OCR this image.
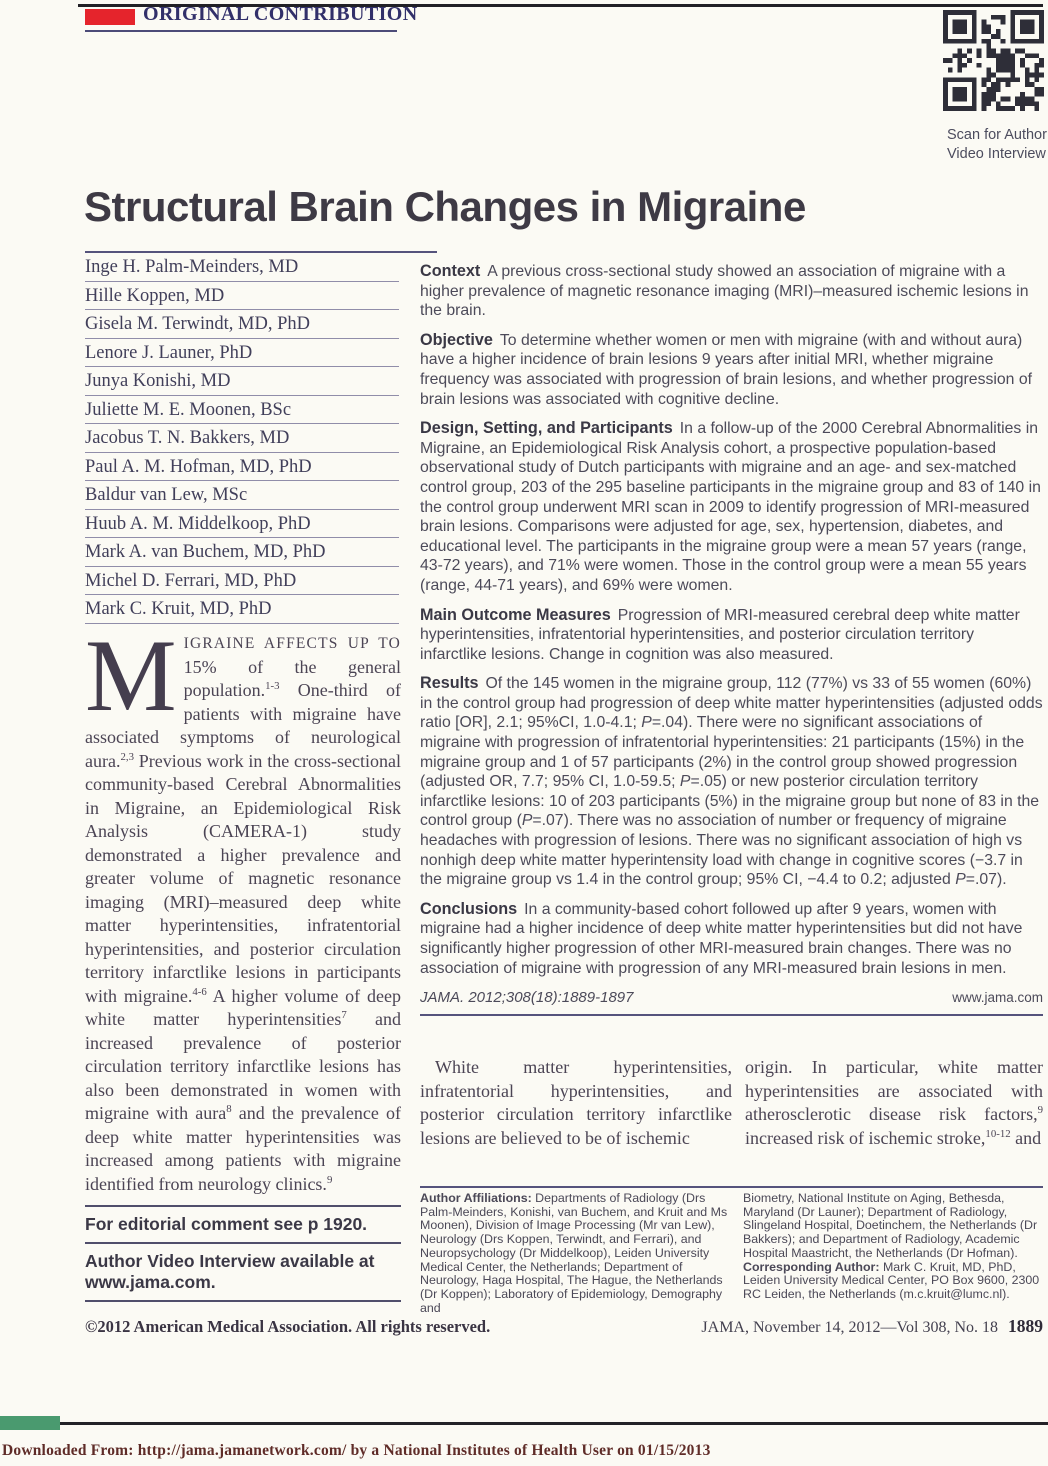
ORIGINAL CONTRIBUTION
Scan for Author
Video Interview
Structural Brain Changes in Migraine
Inge H. Palm-Meinders, MD
Hille Koppen, MD
Gisela M. Terwindt, MD, PhD
Lenore J. Launer, PhD
Junya Konishi, MD
Juliette M. E. Moonen, BSc
Jacobus T. N. Bakkers, MD
Paul A. M. Hofman, MD, PhD
Baldur van Lew, MSc
Huub A. M. Middelkoop, PhD
Mark A. van Buchem, MD, PhD
Michel D. Ferrari, MD, PhD
Mark C. Kruit, MD, PhD

MIGRAINE AFFECTS UP TO 15% of the general population.$^{1-3}$ One-third of patients with migraine have associated symptoms of neurological aura.$^{2,3}$ Previous work in the cross-sectional community-based Cerebral Abnormalities in Migraine, an Epidemiological Risk Analysis (CAMERA-1) study demonstrated a higher prevalence and greater volume of magnetic resonance imaging (MRI)–measured deep white matter hyperintensities, infratentorial hyperintensities, and posterior circulation territory infarctlike lesions in participants with migraine.$^{4-6}$ A higher volume of deep white matter hyperintensities$^7$ and increased prevalence of posterior circulation territory infarctlike lesions has also been demonstrated in women with migraine with aura$^8$ and the prevalence of deep white matter hyperintensities was increased among patients with migraine identified from neurology clinics.$^9$

For editorial comment see p 1920.

Author Video Interview available at www.jama.com.

Context A previous cross-sectional study showed an association of migraine with a higher prevalence of magnetic resonance imaging (MRI)–measured ischemic lesions in the brain.

Objective To determine whether women or men with migraine (with and without aura) have a higher incidence of brain lesions 9 years after initial MRI, whether migraine frequency was associated with progression of brain lesions, and whether progression of brain lesions was associated with cognitive decline.

Design, Setting, and Participants In a follow-up of the 2000 Cerebral Abnormalities in Migraine, an Epidemiological Risk Analysis cohort, a prospective population-based observational study of Dutch participants with migraine and an age- and sex-matched control group, 203 of the 295 baseline participants in the migraine group and 83 of 140 in the control group underwent MRI scan in 2009 to identify progression of MRI-measured brain lesions. Comparisons were adjusted for age, sex, hypertension, diabetes, and educational level. The participants in the migraine group were a mean 57 years (range, 43-72 years), and 71% were women. Those in the control group were a mean 55 years (range, 44-71 years), and 69% were women.

Main Outcome Measures Progression of MRI-measured cerebral deep white matter hyperintensities, infratentorial hyperintensities, and posterior circulation territory infarctlike lesions. Change in cognition was also measured.

Results Of the 145 women in the migraine group, 112 (77%) vs 33 of 55 women (60%) in the control group had progression of deep white matter hyperintensities (adjusted odds ratio [OR], 2.1; 95%CI, 1.0-4.1; P=.04). There were no significant associations of migraine with progression of infratentorial hyperintensities: 21 participants (15%) in the migraine group and 1 of 57 participants (2%) in the control group showed progression (adjusted OR, 7.7; 95% CI, 1.0-59.5; P=.05) or new posterior circulation territory infarctlike lesions: 10 of 203 participants (5%) in the migraine group but none of 83 in the control group (P=.07). There was no association of number or frequency of migraine headaches with progression of lesions. There was no significant association of high vs nonhigh deep white matter hyperintensity load with change in cognitive scores (−3.7 in the migraine group vs 1.4 in the control group; 95% CI, −4.4 to 0.2; adjusted P=.07).

Conclusions In a community-based cohort followed up after 9 years, women with migraine had a higher incidence of deep white matter hyperintensities but did not have significantly higher progression of other MRI-measured brain changes. There was no association of migraine with progression of any MRI-measured brain lesions in men.

JAMA. 2012;308(18):1889-1897	www.jama.com

White matter hyperintensities, infratentorial hyperintensities, and posterior circulation territory infarctlike lesions are believed to be of ischemic

origin. In particular, white matter hyperintensities are associated with atherosclerotic disease risk factors,$^9$ increased risk of ischemic stroke,$^{10-12}$ and

Author Affiliations: Departments of Radiology (Drs Palm-Meinders, Konishi, van Buchem, and Kruit and Ms Moonen), Division of Image Processing (Mr van Lew), Neurology (Drs Koppen, Terwindt, and Ferrari), and Neuropsychology (Dr Middelkoop), Leiden University Medical Center, the Netherlands; Department of Neurology, Haga Hospital, The Hague, the Netherlands (Dr Koppen); Laboratory of Epidemiology, Demography and

Biometry, National Institute on Aging, Bethesda, Maryland (Dr Launer); Department of Radiology, Slingeland Hospital, Doetinchem, the Netherlands (Dr Bakkers); and Department of Radiology, Academic Hospital Maastricht, the Netherlands (Dr Hofman).

Corresponding Author: Mark C. Kruit, MD, PhD, Leiden University Medical Center, PO Box 9600, 2300 RC Leiden, the Netherlands (m.c.kruit@lumc.nl).

©2012 American Medical Association. All rights reserved.	JAMA, November 14, 2012—Vol 308, No. 18 1889
Downloaded From: http://jama.jamanetwork.com/ by a National Institutes of Health User on 01/15/2013
